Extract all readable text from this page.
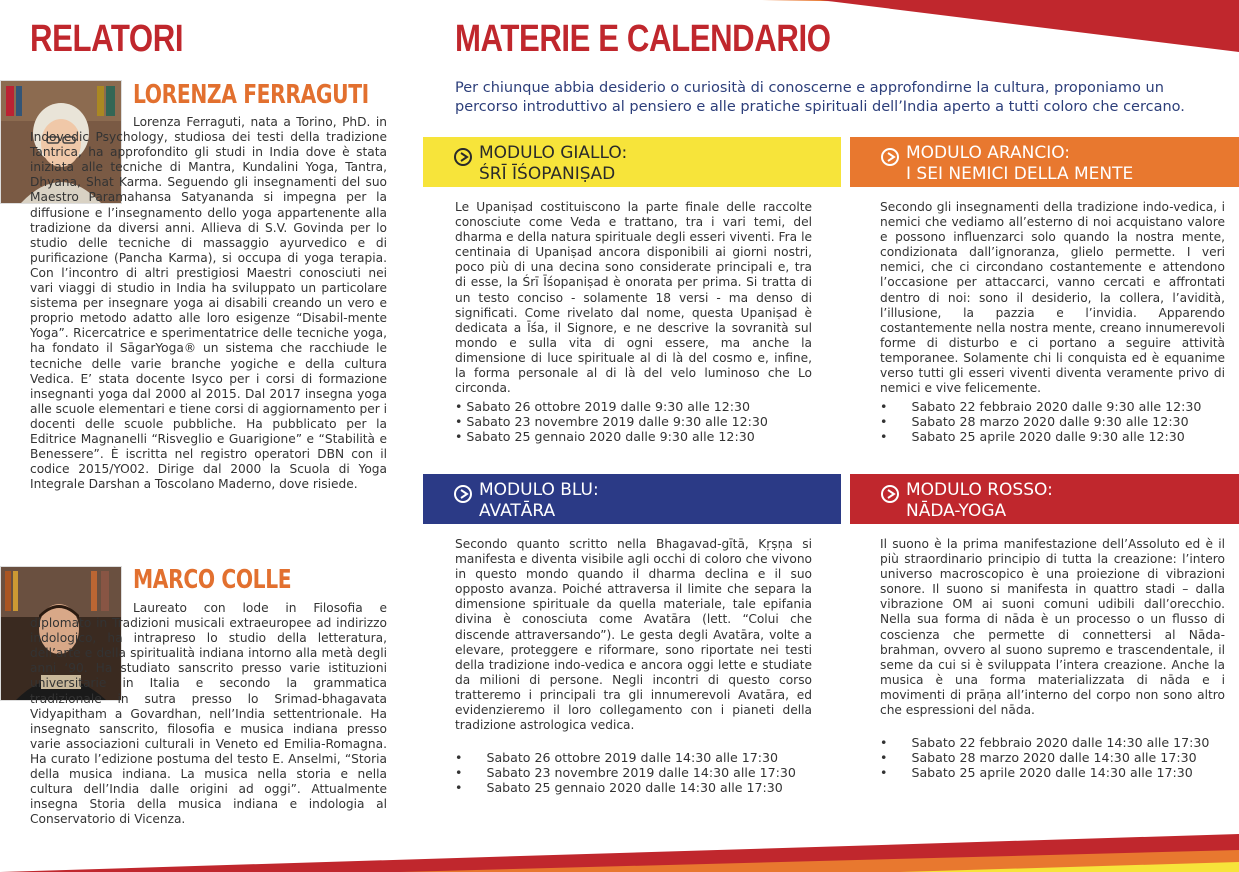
RELATORI
LORENZA FERRAGUTI

Lorenza Ferraguti, nata a Torino, PhD. in Indovedic Psychology, studiosa dei testi della tradizione Tantrica, ha approfondito gli studi in India dove è stata iniziata alle tecniche di Mantra, Kundalini Yoga, Tantra, Dhyana, Shat Karma. Seguendo gli insegnamenti del suo Maestro Paramahansa Satyananda si impegna per la diffusione e l’insegnamento dello yoga appartenente alla tradizione da diversi anni. Allieva di S.V. Govinda per lo studio delle tecniche di massaggio ayurvedico e di purificazione (Pancha Karma), si occupa di yoga terapia. Con l’incontro di altri prestigiosi Maestri conosciuti nei vari viaggi di studio in India ha sviluppato un particolare sistema per insegnare yoga ai disabili creando un vero e proprio metodo adatto alle loro esigenze “Disabil-mente Yoga”. Ricercatrice e sperimentatrice delle tecniche yoga, ha fondato il SāgarYoga® un sistema che racchiude le tecniche delle varie branche yogiche e della cultura Vedica. E’ stata docente Isyco per i corsi di formazione insegnanti yoga dal 2000 al 2015. Dal 2017 insegna yoga alle scuole elementari e tiene corsi di aggiornamento per i docenti delle scuole pubbliche. Ha pubblicato per la Editrice Magnanelli “Risveglio e Guarigione” e “Stabilità e Benessere”. È iscritta nel registro operatori DBN con il codice 2015/YO02. Dirige dal 2000 la Scuola di Yoga Integrale Darshan a Toscolano Maderno, dove risiede.

MARCO COLLE

Laureato con lode in Filosofia e diplomato in Tradizioni musicali extraeuropee ad indirizzo indologico, ha intrapreso lo studio della letteratura, dell’arte e della spiritualità indiana intorno alla metà degli anni ‘90. Ha studiato sanscrito presso varie istituzioni universitarie in Italia e secondo la grammatica tradizionale in sutra presso lo Srimad-bhagavata Vidyapitham a Govardhan, nell’India settentrionale. Ha insegnato sanscrito, filosofia e musica indiana presso varie associazioni culturali in Veneto ed Emilia-Romagna. Ha curato l’edizione postuma del testo E. Anselmi, “Storia della musica indiana. La musica nella storia e nella cultura dell’India dalle origini ad oggi”. Attualmente insegna Storia della musica indiana e indologia al Conservatorio di Vicenza.

MATERIE E CALENDARIO
Per chiunque abbia desiderio o curiosità di conoscerne e approfondirne la cultura, proponiamo un percorso introduttivo al pensiero e alle pratiche spirituali dell’India aperto a tutti coloro che cercano.
MODULO GIALLO:
ŚRĪ ĪŚOPANIṢAD
MODULO ARANCIO:
I SEI NEMICI DELLA MENTE
MODULO BLU:
AVATĀRA
MODULO ROSSO:
NĀDA-YOGA
Le Upaniṣad costituiscono la parte finale delle raccolte conosciute come Veda e trattano, tra i vari temi, del dharma e della natura spirituale degli esseri viventi. Fra le centinaia di Upaniṣad ancora disponibili ai giorni nostri, poco più di una decina sono considerate principali e, tra di esse, la Śrī Īśopaniṣad è onorata per prima. Si tratta di un testo conciso - solamente 18 versi - ma denso di significati. Come rivelato dal nome, questa Upaniṣad è dedicata a Īśa, il Signore, e ne descrive la sovranità sul mondo e sulla vita di ogni essere, ma anche la dimensione di luce spirituale al di là del cosmo e, infine, la forma personale al di là del velo luminoso che Lo circonda.
• Sabato 26 ottobre 2019 dalle 9:30 alle 12:30
• Sabato 23 novembre 2019 dalle 9:30 alle 12:30
• Sabato 25 gennaio 2020 dalle 9:30 alle 12:30
Secondo gli insegnamenti della tradizione indo-vedica, i nemici che vediamo all’esterno di noi acquistano valore e possono influenzarci solo quando la nostra mente, condizionata dall’ignoranza, glielo permette. I veri nemici, che ci circondano costantemente e attendono l’occasione per attaccarci, vanno cercati e affrontati dentro di noi: sono il desiderio, la collera, l’avidità, l’illusione, la pazzia e l’invidia. Apparendo costantemente nella nostra mente, creano innumerevoli forme di disturbo e ci portano a seguire attività temporanee. Solamente chi li conquista ed è equanime verso tutti gli esseri viventi diventa veramente privo di nemici e vive felicemente.
•      Sabato 22 febbraio 2020 dalle 9:30 alle 12:30
•      Sabato 28 marzo 2020 dalle 9:30 alle 12:30
•      Sabato 25 aprile 2020 dalle 9:30 alle 12:30
Secondo quanto scritto nella Bhagavad-gītā, Kṛṣṇa si manifesta e diventa visibile agli occhi di coloro che vivono in questo mondo quando il dharma declina e il suo opposto avanza. Poiché attraversa il limite che separa la dimensione spirituale da quella materiale, tale epifania divina è conosciuta come Avatāra (lett. “Colui che discende attraversando”). Le gesta degli Avatāra, volte a elevare, proteggere e riformare, sono riportate nei testi della tradizione indo-vedica e ancora oggi lette e studiate da milioni di persone. Negli incontri di questo corso tratteremo i principali tra gli innumerevoli Avatāra, ed evidenzieremo il loro collegamento con i pianeti della tradizione astrologica vedica.
•      Sabato 26 ottobre 2019 dalle 14:30 alle 17:30
•      Sabato 23 novembre 2019 dalle 14:30 alle 17:30
•      Sabato 25 gennaio 2020 dalle 14:30 alle 17:30
Il suono è la prima manifestazione dell’Assoluto ed è il più straordinario principio di tutta la creazione: l’intero universo macroscopico è una proiezione di vibrazioni sonore. Il suono si manifesta in quattro stadi – dalla vibrazione OM ai suoni comuni udibili dall’orecchio. Nella sua forma di nāda è un processo o un flusso di coscienza che permette di connettersi al Nāda-brahman, ovvero al suono supremo e trascendentale, il seme da cui si è sviluppata l’intera creazione. Anche la musica è una forma materializzata di nāda e i movimenti di prāṇa all’interno del corpo non sono altro che espressioni del nāda.
•      Sabato 22 febbraio 2020 dalle 14:30 alle 17:30
•      Sabato 28 marzo 2020 dalle 14:30 alle 17:30
•      Sabato 25 aprile 2020 dalle 14:30 alle 17:30
